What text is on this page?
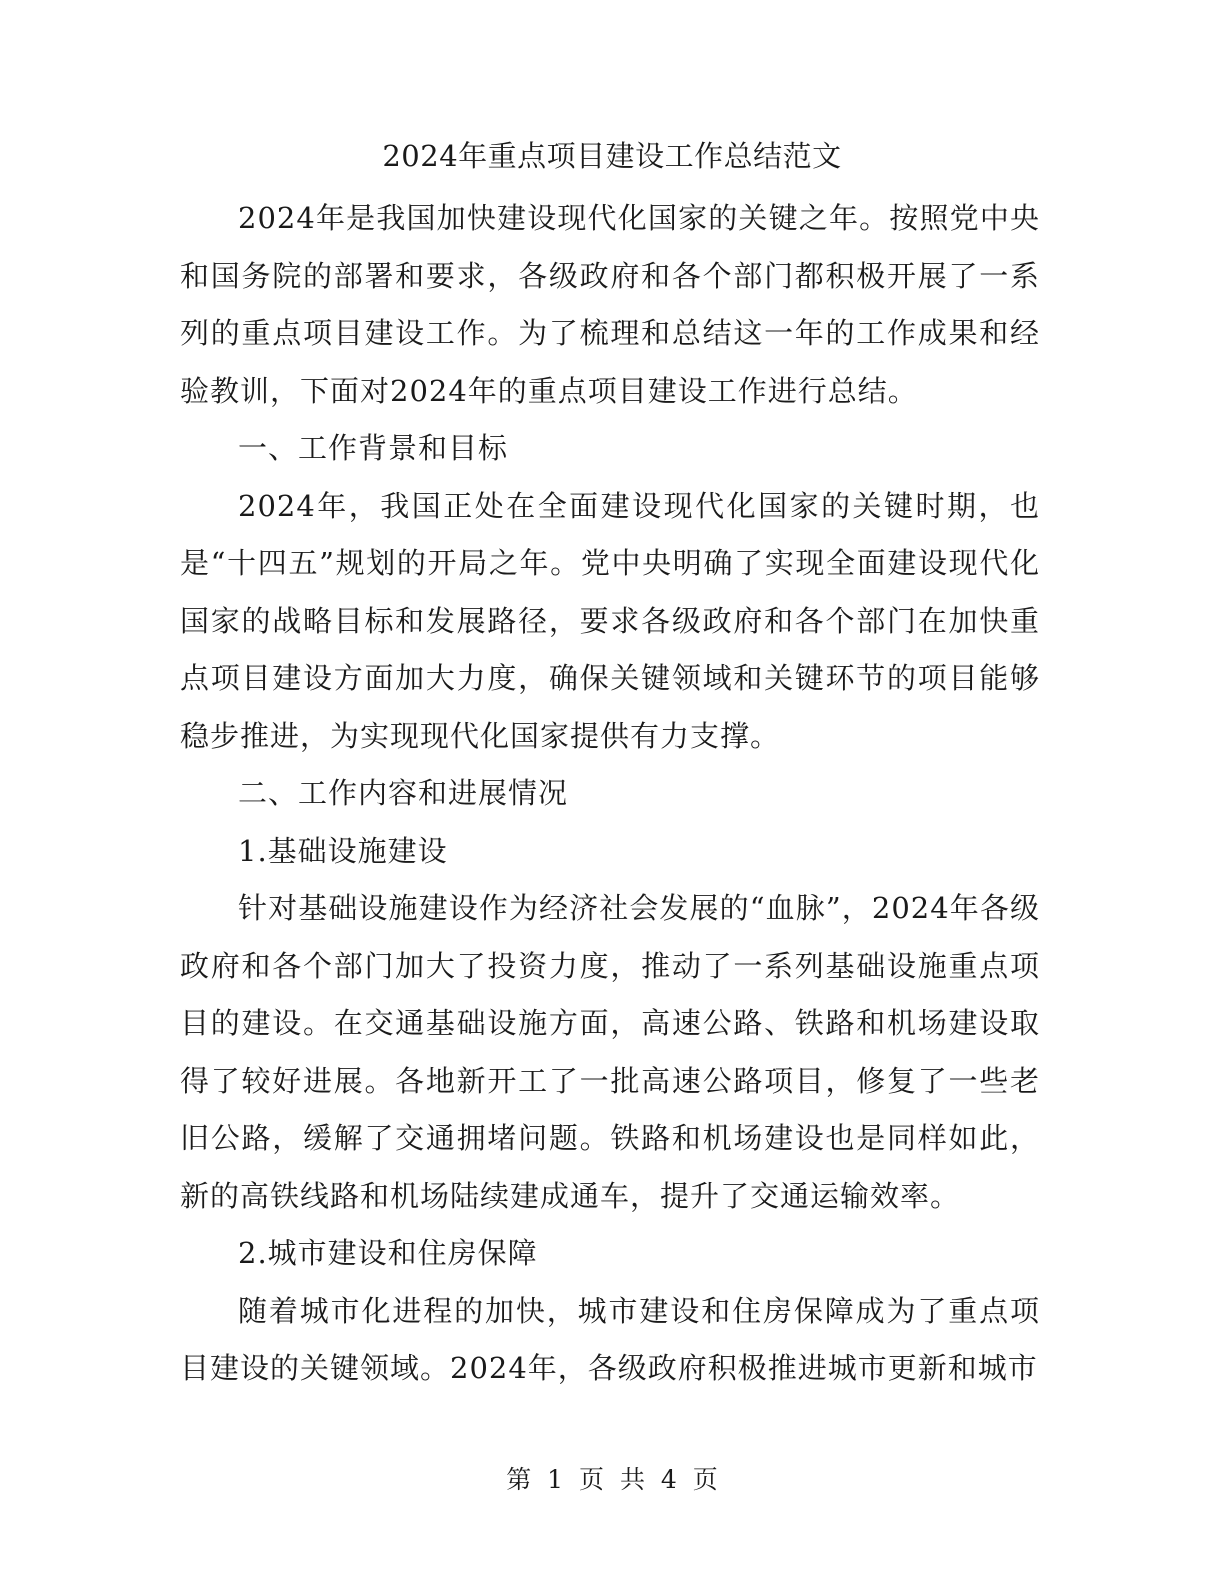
2024年重点项目建设工作总结范文

2024年是我国加快建设现代化国家的关键之年。按照党中央和国务院的部署和要求，各级政府和各个部门都积极开展了一系列的重点项目建设工作。为了梳理和总结这一年的工作成果和经验教训，下面对2024年的重点项目建设工作进行总结。

一、工作背景和目标

2024年，我国正处在全面建设现代化国家的关键时期，也是“十四五”规划的开局之年。党中央明确了实现全面建设现代化国家的战略目标和发展路径，要求各级政府和各个部门在加快重点项目建设方面加大力度，确保关键领域和关键环节的项目能够稳步推进，为实现现代化国家提供有力支撑。

二、工作内容和进展情况

1.基础设施建设

针对基础设施建设作为经济社会发展的“血脉”，2024年各级政府和各个部门加大了投资力度，推动了一系列基础设施重点项目的建设。在交通基础设施方面，高速公路、铁路和机场建设取得了较好进展。各地新开工了一批高速公路项目，修复了一些老旧公路，缓解了交通拥堵问题。铁路和机场建设也是同样如此，新的高铁线路和机场陆续建成通车，提升了交通运输效率。

2.城市建设和住房保障

随着城市化进程的加快，城市建设和住房保障成为了重点项目建设的关键领域。2024年，各级政府积极推进城市更新和城市

第 1 页 共 4 页
